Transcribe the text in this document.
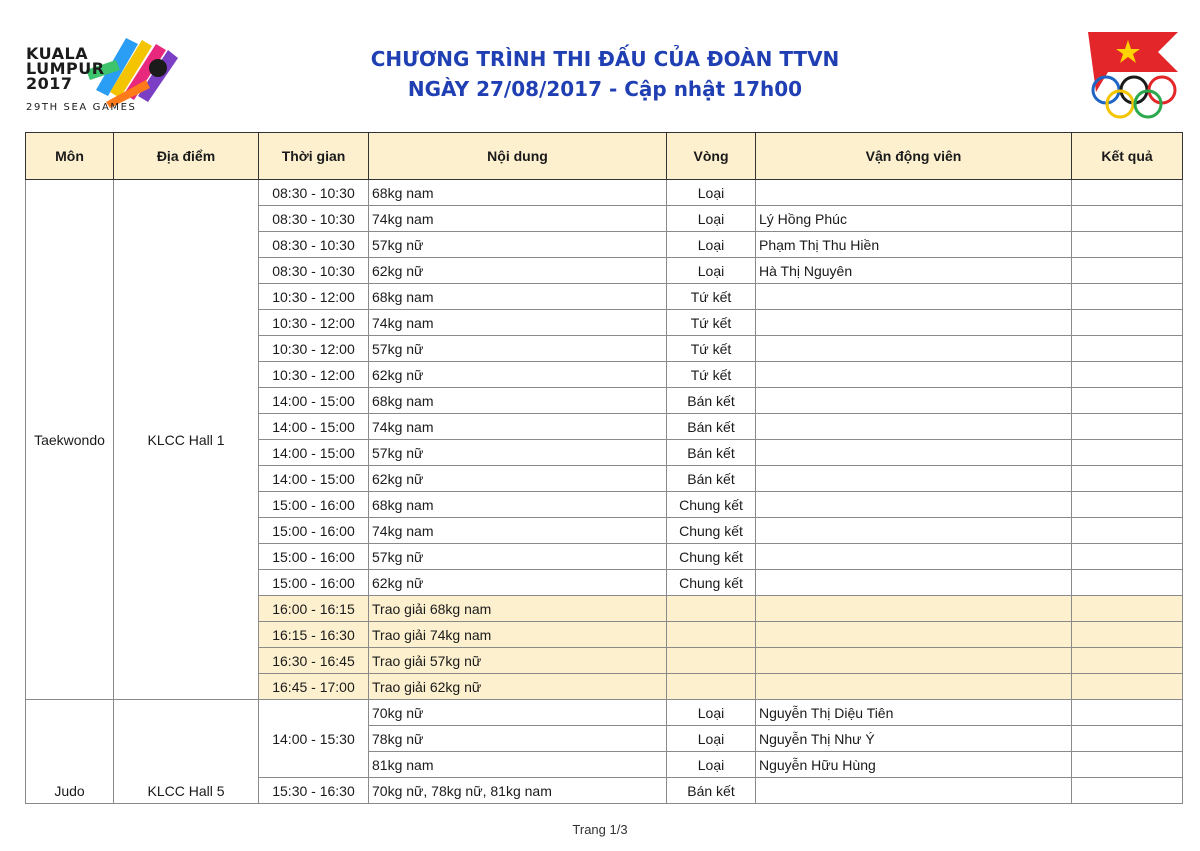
KUALA
LUMPUR
2017
29TH SEA GAMES
CHƯƠNG TRÌNH THI ĐẤU CỦA ĐOÀN TTVN
NGÀY 27/08/2017 - Cập nhật 17h00
Môn	Địa điểm	Thời gian	Nội dung	Vòng	Vận động viên	Kết quả
Taekwondo	KLCC Hall 1	08:30 - 10:30	68kg nam	Loại		
		08:30 - 10:30	74kg nam	Loại	Lý Hồng Phúc	
		08:30 - 10:30	57kg nữ	Loại	Phạm Thị Thu Hiền	
		08:30 - 10:30	62kg nữ	Loại	Hà Thị Nguyên	
		10:30 - 12:00	68kg nam	Tứ kết		
		10:30 - 12:00	74kg nam	Tứ kết		
		10:30 - 12:00	57kg nữ	Tứ kết		
		10:30 - 12:00	62kg nữ	Tứ kết		
		14:00 - 15:00	68kg nam	Bán kết		
		14:00 - 15:00	74kg nam	Bán kết		
		14:00 - 15:00	57kg nữ	Bán kết		
		14:00 - 15:00	62kg nữ	Bán kết		
		15:00 - 16:00	68kg nam	Chung kết		
		15:00 - 16:00	74kg nam	Chung kết		
		15:00 - 16:00	57kg nữ	Chung kết		
		15:00 - 16:00	62kg nữ	Chung kết		
		16:00 - 16:15	Trao giải 68kg nam			
		16:15 - 16:30	Trao giải 74kg nam			
		16:30 - 16:45	Trao giải 57kg nữ			
		16:45 - 17:00	Trao giải 62kg nữ			
Judo	KLCC Hall 5	14:00 - 15:30	70kg nữ	Loại	Nguyễn Thị Diệu Tiên	
			78kg nữ	Loại	Nguyễn Thị Như Ý	
			81kg nam	Loại	Nguyễn Hữu Hùng	
		15:30 - 16:30	70kg nữ, 78kg nữ, 81kg nam	Bán kết		
Trang 1/3
